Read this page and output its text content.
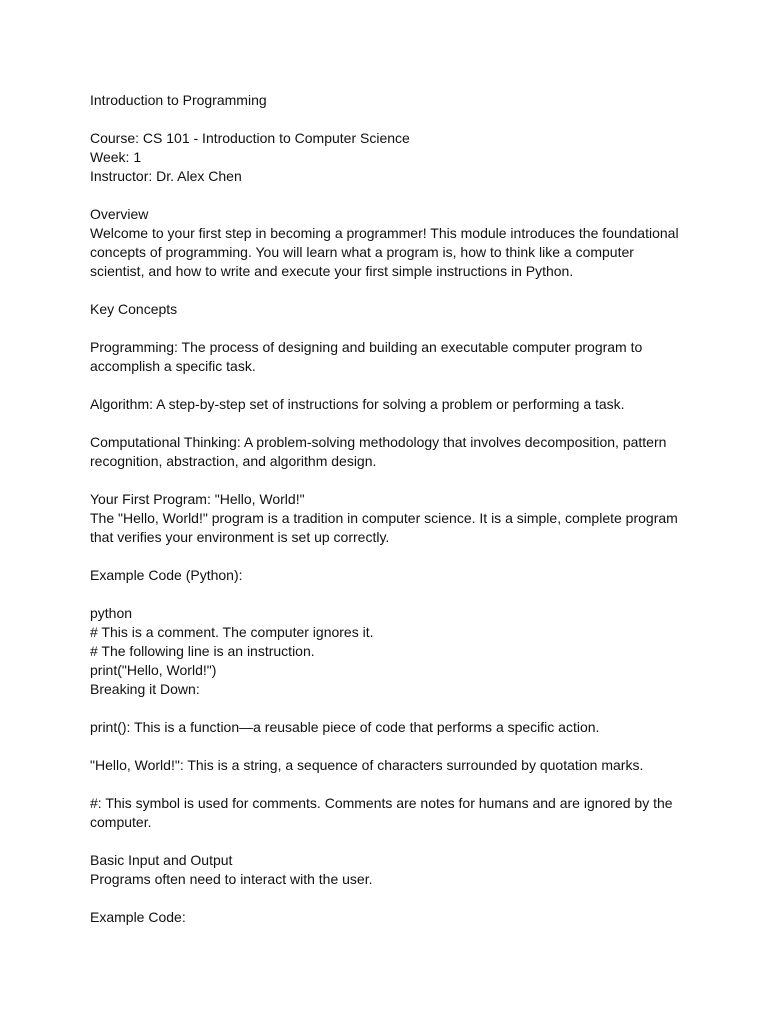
Introduction to Programming

Course: CS 101 - Introduction to Computer Science

Week: 1

Instructor: Dr. Alex Chen

Overview

Welcome to your first step in becoming a programmer! This module introduces the foundational concepts of programming. You will learn what a program is, how to think like a computer scientist, and how to write and execute your first simple instructions in Python.

Key Concepts

Programming: The process of designing and building an executable computer program to accomplish a specific task.

Algorithm: A step-by-step set of instructions for solving a problem or performing a task.

Computational Thinking: A problem-solving methodology that involves decomposition, pattern recognition, abstraction, and algorithm design.

Your First Program: "Hello, World!"

The "Hello, World!" program is a tradition in computer science. It is a simple, complete program that verifies your environment is set up correctly.

Example Code (Python):

python

# This is a comment. The computer ignores it.

# The following line is an instruction.

print("Hello, World!")

Breaking it Down:

print(): This is a function—a reusable piece of code that performs a specific action.

"Hello, World!": This is a string, a sequence of characters surrounded by quotation marks.

#: This symbol is used for comments. Comments are notes for humans and are ignored by the computer.

Basic Input and Output

Programs often need to interact with the user.

Example Code:
